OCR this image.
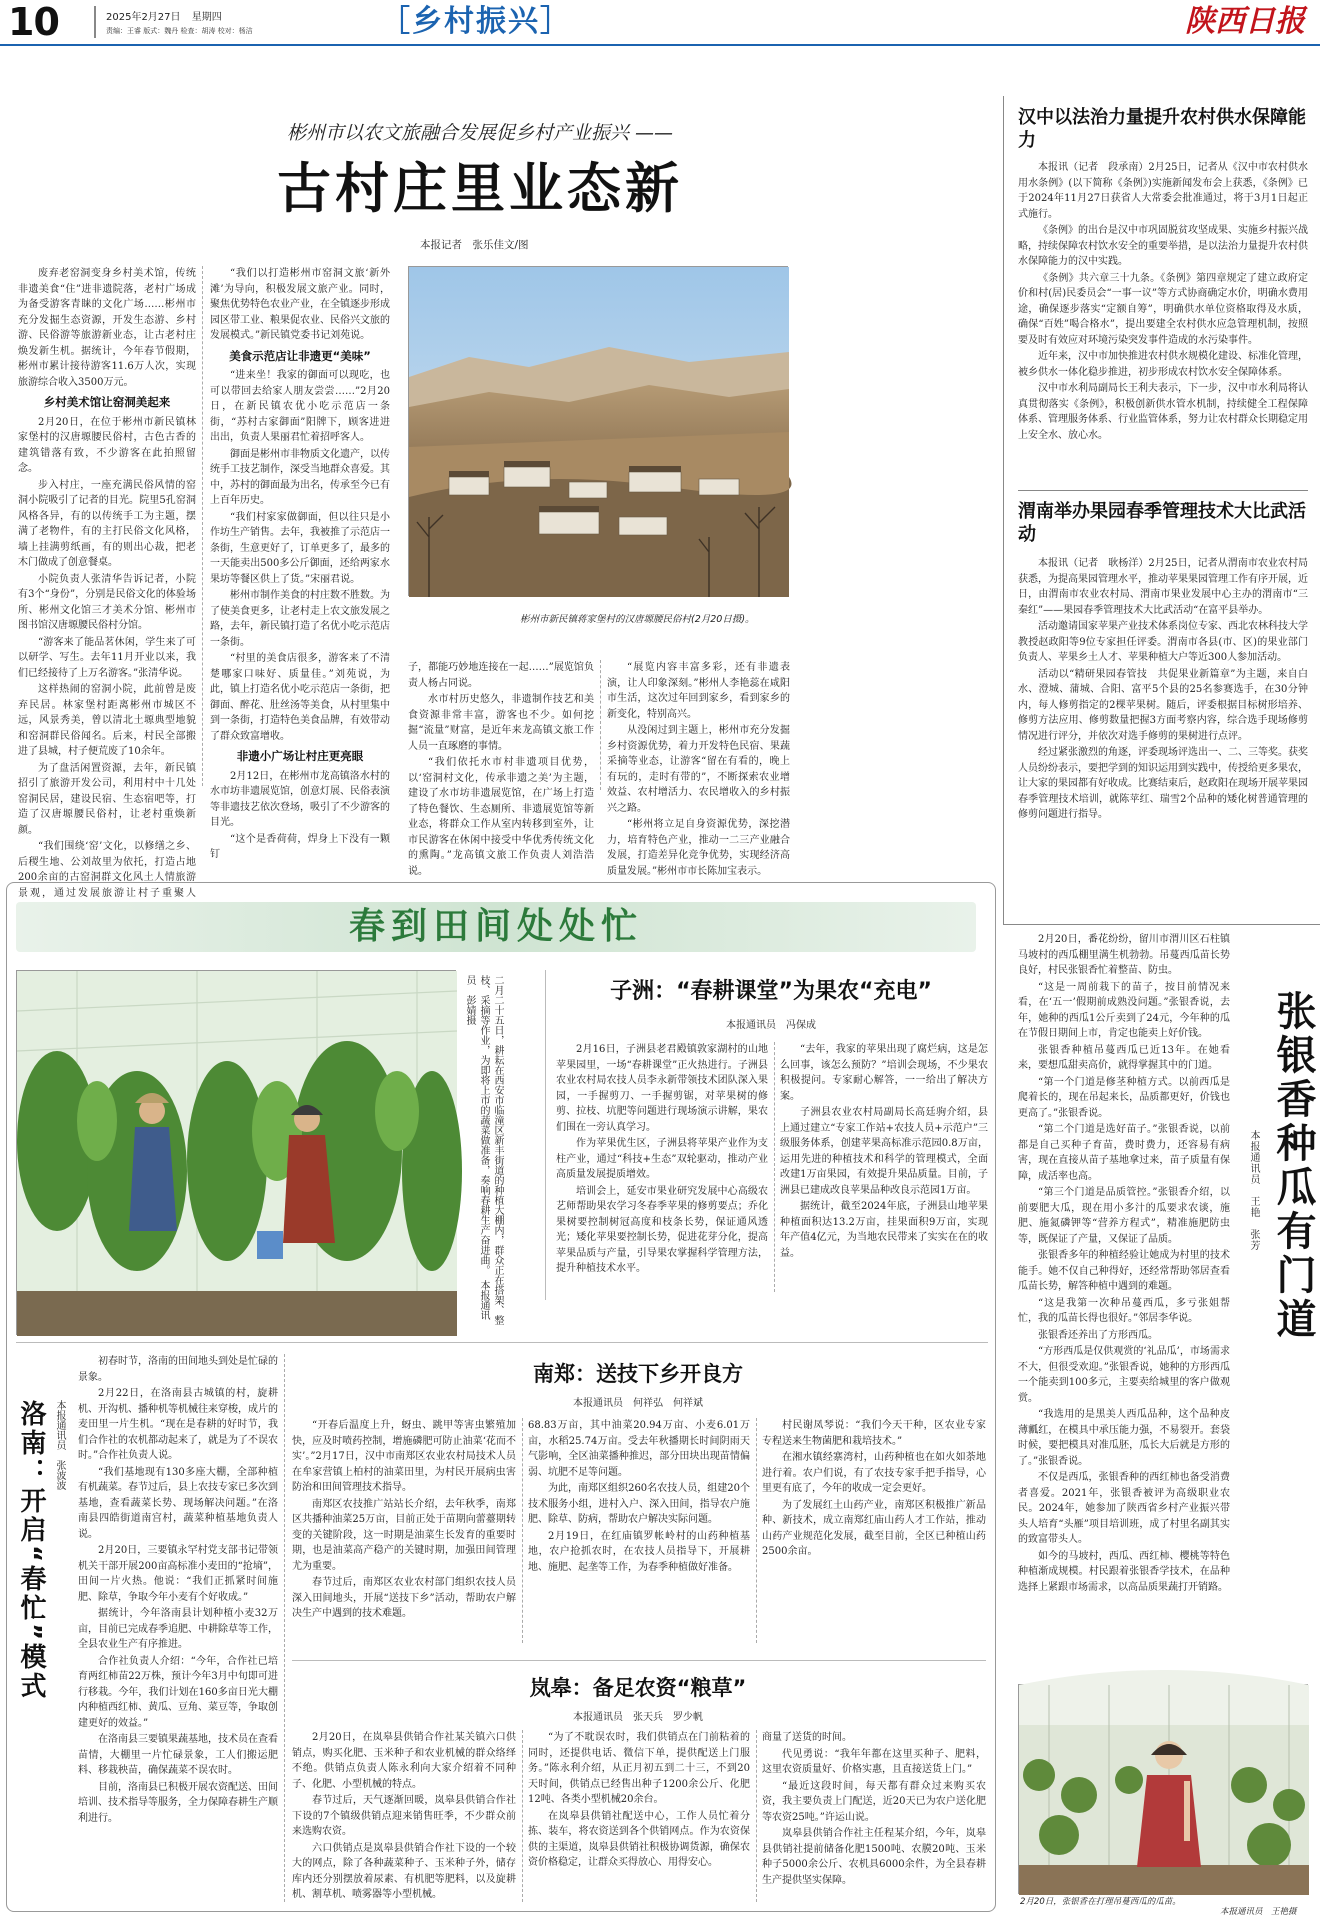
10	2025年2月27日 星期四
责编：王睿 版式：魏丹 检查：胡涛 校对：杨洁	［乡村振兴］	陕西日报
彬州市以农文旅融合发展促乡村产业振兴 ——
古村庄里业态新
本报记者　张乐佳文/图

废弃老窑洞变身乡村美术馆，传统非遗美食“住”进非遗院落，老村广场成为备受游客青睐的文化广场……彬州市充分发掘生态资源，开发生态游、乡村游、民俗游等旅游新业态，让古老村庄焕发新生机。据统计，今年春节假期，彬州市累计接待游客11.6万人次，实现旅游综合收入3500万元。

乡村美术馆让窑洞美起来

2月20日，在位于彬州市新民镇林家堡村的汉唐塬腰民俗村，古色古香的建筑错落有致，不少游客在此拍照留念。

步入村庄，一座充满民俗风情的窑洞小院吸引了记者的目光。院里5孔窑洞风格各异，有的以传统手工为主题，摆满了老物件，有的主打民俗文化风格，墙上挂满剪纸画，有的则出心裁，把老木门做成了创意餐桌。

小院负责人张清华告诉记者，小院有3个“身份”，分别是民俗文化的体验场所、彬州文化馆三才美术分馆、彬州市图书馆汉唐塬腰民俗村分馆。

“游客来了能品茗休闲，学生来了可以研学、写生。去年11月开业以来，我们已经接待了上万名游客。”张清华说。

这样热闹的窑洞小院，此前曾是废弃民居。林家堡村距离彬州市城区不远，风景秀美，曾以清北土塬典型地貌和窑洞群民俗闻名。后来，村民全部搬进了县城，村子便荒废了10余年。

为了盘活闲置资源，去年，新民镇招引了旅游开发公司，利用村中十几处窑洞民居，建设民宿、生态宿吧等，打造了汉唐塬腰民俗村，让老村重焕新颜。

“我们围绕‘窑’文化，以修缮之乡、后稷生地、公刘故里为依托，打造占地200余亩的古窑洞群文化风土人情旅游景观，通过发展旅游让村子重聚人

“我们以打造彬州市窑洞文旅‘新外滩’为导向，积极发展文旅产业。同时，聚焦优势特色农业产业，在全镇逐步形成园区带工业、粮果促农业、民俗兴文旅的发展模式。”新民镇党委书记刘苑说。

美食示范店让非遗更“美味”

“进来坐！我家的御面可以现吃，也可以带回去给家人朋友尝尝……”2月20日，在新民镇农优小吃示范店一条街，“苏村古家御面”阳牌下，顾客进进出出，负责人果丽君忙着招呼客人。

御面是彬州市非物质文化遗产，以传统手工技艺制作，深受当地群众喜爱。其中，苏村的御面最为出名，传承至今已有上百年历史。

“我们村家家做御面，但以往只是小作坊生产销售。去年，我被推了示范店一条街，生意更好了，订单更多了，最多的一天能卖出500多公斤御面，还给两家水果坊等餐区供上了货。”宋丽君说。

彬州市制作美食的村庄数不胜数。为了使美食更多，让老村走上农文旅发展之路，去年，新民镇打造了名优小吃示范店一条街。

“村里的美食店很多，游客来了不清楚哪家口味好、质量佳。”刘苑说，为此，镇上打造名优小吃示范店一条街，把御面、醉花、肚丝汤等美食，从村里集中到一条街，打造特色美食品牌，有效带动了群众致富增收。

非遗小广场让村庄更亮眼

2月12日，在彬州市龙高镇洛水村的水市坊非遗展览馆，创意灯展、民俗表演等非遗技艺依次登场，吸引了不少游客的目光。

“这个是香荷荷，焊身上下没有一颗钉

彬州市新民镇蒋家堡村的汉唐塬腰民俗村(2月20日摄)。

子，都能巧妙地连接在一起……”展览馆负责人杨占同说。

水市村历史悠久，非遗制作技艺和美食资源非常丰富，游客也不少。如何挖掘“流量”财富，是近年来龙高镇文旅工作人员一直琢磨的事情。

“我们依托水市村非遗项目优势，以‘窑洞村文化，传承非遗之美’为主题，建设了水市坊非遗展览馆，在广场上打造了特色餐饮、生态厕所、非遗展览馆等新业态，将群众工作从室内转移到室外，让市民游客在休闲中接受中华优秀传统文化的熏陶。”龙高镇文旅工作负责人刘浩浩说。

“展览内容丰富多彩，还有非遗表演，让人印象深刻。”彬州人李艳蕊在咸阳市生活，这次过年回到家乡，看到家乡的新变化，特别高兴。

从没闲过到主题上，彬州市充分发掘乡村资源优势，着力开发特色民宿、果蔬采摘等业态，让游客“留在有看的，晚上有玩的，走时有带的”，不断探索农业增效益、农村增活力、农民增收入的乡村振兴之路。

“彬州将立足自身资源优势，深挖潜力，培育特色产业，推动一二三产业融合发展，打造差异化竞争优势，实现经济高质量发展。”彬州市市长陈加宝表示。

汉中以法治力量提升农村供水保障能力

本报讯（记者　段承南）2月25日，记者从《汉中市农村供水用水条例》(以下简称《条例》)实施新闻发布会上获悉，《条例》已于2024年11月27日获省人大常委会批准通过，将于3月1日起正式施行。

《条例》的出台是汉中市巩固脱贫攻坚成果、实施乡村振兴战略，持续保障农村饮水安全的重要举措，是以法治力量提升农村供水保障能力的汉中实践。

《条例》共六章三十九条。《条例》第四章规定了建立政府定价和村(居)民委员会“一事一议”等方式协商确定水价，明确水费用途，确保逐步落实“定额自筹”，明确供水单位资格取得及水质，确保“百姓”喝合格水”，提出要建全农村供水应急管理机制，按照要及时有效应对环境污染突发事件造成的水污染事件。

近年来，汉中市加快推进农村供水规模化建设、标准化管理，被乡供水一体化稳步推进，初步形成农村饮水安全保障体系。

汉中市水利局副局长王利夫表示，下一步，汉中市水利局将认真贯彻落实《条例》，积极创新供水管水机制，持续健全工程保障体系、管理服务体系、行业监管体系，努力让农村群众长期稳定用上安全水、放心水。

渭南举办果园春季管理技术大比武活动

本报讯（记者　耿杨洋）2月25日，记者从渭南市农业农村局获悉，为提高果园管理水平，推动苹果果园管理工作有序开展，近日，由渭南市农业农村局、渭南市果业发展中心主办的渭南市“三秦红”——果园春季管理技术大比武活动“在富平县举办。

活动邀请国家苹果产业技术体系岗位专家、西北农林科技大学教授赵政阳等9位专家担任评委。渭南市各县(市、区)的果业部门负责人、苹果乡土人才、苹果种植大户等近300人参加活动。

活动以“精研果园春管技　共促果业新篇章”为主题，来自白水、澄城、蒲城、合阳、富平5个县的25名参赛选手，在30分钟内，每人修剪指定的2棵苹果树。随后，评委根据目标树形培养、修剪方法应用、修剪数量把握3方面考察内容，综合选手现场修剪情况进行评分，并依次对选手修剪的果树进行点评。

经过紧张激烈的角逐，评委现场评选出一、二、三等奖。获奖人员纷纷表示，要把学到的知识运用到实践中，传授给更多果农，让大家的果园都有好收成。比赛结束后，赵政阳在现场开展苹果园春季管理技术培训，就陈苹红、瑞雪2个品种的矮化树普通管理的修剪问题进行指导。

2月20日，番花纷纷，留川市渭川区石柱镇马坡村的西瓜棚里满生机勃勃。吊蔓西瓜苗长势良好，村民张银香忙着整苗、防虫。

“这是一周前栽下的苗子，按目前情况来看，在‘五一’假期前成熟没问题。”张银香说，去年，她种的西瓜1公斤卖到了24元，今年种的瓜在节假日期间上市，肯定也能卖上好价钱。

张银香种植吊蔓西瓜已近13年。在她看来，要想瓜甜卖高价，就得掌握其中的门道。

“第一个门道是修茎种植方式。以前西瓜是爬着长的，现在吊起来长，品质都更好，价钱也更高了。”张银香说。

“第二个门道是选好苗子。”张银香说，以前都是自己买种子育苗，费时费力，还容易有病害，现在直接从苗子基地拿过来，苗子质量有保障，成活率也高。

“第三个门道是品质管控。”张银香介绍，以前要肥大瓜，现在用小多汁的瓜要求农谈，施肥、施氮磷钾等“营养方程式”，精准施肥防虫等，既保证了产量，又保证了品质。

张银香多年的种植经验让她成为村里的技术能手。她不仅自己种得好，还经常帮助邻居查看瓜苗长势，解答种植中遇到的难题。

“这是我第一次种吊蔓西瓜，多亏张姐帮忙，我的瓜苗长得也很好。”邻居李华说。

张银香还养出了方形西瓜。

“方形西瓜是仅供观赏的‘礼品瓜’，市场需求不大，但很受欢迎。”张银香说，她种的方形西瓜一个能卖到100多元，主要卖给城里的客户做观赏。

“我选用的是黑美人西瓜品种，这个品种皮薄瓤红，在模具中承压能力强，不易裂开。套袋时候，要把模具对准瓜胚，瓜长大后就是方形的了。”张银香说。

不仅是西瓜，张银香种的西红柿也备受消费者喜爱。2021年，张银香被评为高级职业农民。2024年，她参加了陕西省乡村产业振兴带头人培育“头雁”项目培训班，成了村里名副其实的致富带头人。

如今的马坡村，西瓜、西红柿、樱桃等特色种植渐成规模。村民跟着张银香学技术，在品种选择上紧跟市场需求，以高品质果蔬打开销路。

张银香种瓜有门道
本报通讯员　王艳　张芳
2月20日，张银香在打理吊蔓西瓜的瓜苗。
本报通讯员　王艳摄
春到田间处处忙
二月二十五日，耕耘在西安市临潼区新丰街道的种植大棚内，群众正在搭架、整枝、采摘等作业，为即将上市的蔬菜做准备，奏响春耕生产奋进曲。　本报通讯员　彭婧摄	子洲：“春耕课堂”为果农“充电”
本报通讯员　冯保成

2月16日，子洲县老君殿镇敦家湖村的山地苹果园里，一场“春耕课堂”正火热进行。子洲县农业农村局农技人员李永新带领技术团队深入果园，一手握剪刀、一手握剪锯，对苹果树的修剪、拉枝、坑肥等问题进行现场演示讲解，果农们围在一旁认真学习。

作为苹果优生区，子洲县将苹果产业作为支柱产业，通过“科技+生态”双轮驱动，推动产业高质量发展提质增效。

培训会上，延安市果业研究发展中心高级农艺师帮助果农学习冬春季苹果的修剪要点；乔化果树要控制树冠高度和枝条长势，保证通风透光；矮化苹果要控制长势，促进花芽分化，提高苹果品质与产量，引导果农掌握科学管理方法，提升种植技术水平。

“去年，我家的苹果出现了腐烂病，这是怎么回事，该怎么预防？”培训会现场，不少果农积极提问。专家耐心解答，一一给出了解决方案。

子洲县农业农村局副局长高廷驹介绍，县上通过建立“专家工作站+农技人员+示范户”三级服务体系，创建苹果高标准示范园0.8万亩，运用先进的种植技术和科学的管理模式，全面改建1万亩果园，有效提升果品质量。目前，子洲县已建成改良苹果品种改良示范园1万亩。

据统计，截至2024年底，子洲县山地苹果种植面积达13.2万亩，挂果面积9万亩，实现年产值4亿元，为当地农民带来了实实在在的收益。

洛南：开启“春忙”模式 本报通讯员　张波波

初春时节，洛南的田间地头到处是忙碌的景象。

2月22日，在洛南县古城镇的村，旋耕机、开沟机、播种机等机械往来穿梭，成片的麦田里一片生机。“现在是春耕的好时节，我们合作社的农机都动起来了，就是为了不误农时。”合作社负责人说。

“我们基地现有130多座大棚，全部种植有机蔬菜。春节过后，县上农技专家已多次到基地，查看蔬菜长势、现场解决问题。”在洛南县四皓街道南宫村，蔬菜种植基地负责人说。

2月20日，三要镇永罕村党支部书记带领机关干部开展200亩高标准小麦田的“抢墒”，田间一片火热。他说：“我们正抓紧时间施肥、除草，争取今年小麦有个好收成。”

据统计，今年洛南县计划种植小麦32万亩，目前已完成春季追肥、中耕除草等工作，全县农业生产有序推进。

合作社负责人介绍：“今年，合作社已培育两红柿苗22万株，预计今年3月中旬即可进行移栽。今年，我们计划在160多亩日光大棚内种植西红柿、黄瓜、豆角、菜豆等，争取创建更好的效益。”

在洛南县三要镇果蔬基地，技术员在查看苗情，大棚里一片忙碌景象，工人们搬运肥料、移栽秧苗，确保蔬菜不误农时。

目前，洛南县已积极开展农资配送、田间培训、技术指导等服务，全力保障春耕生产顺利进行。

南郑：送技下乡开良方
本报通讯员　何祥弘　何祥斌

“开春后温度上升，蚜虫、跳甲等害虫繁殖加快，应及时喷药控制，增施磷肥可防止油菜‘花而不实’。”2月17日，汉中市南郑区农业农村局技术人员在牟家营镇上柏村的油菜田里，为村民开展病虫害防治和田间管理技术指导。

南郑区农技推广站站长介绍，去年秋季，南郑区共播种油菜25万亩，目前正处于苗期向蕾薹期转变的关键阶段，这一时期是油菜生长发育的重要时期，也是油菜高产稳产的关键时期，加强田间管理尤为重要。

春节过后，南郑区农业农村部门组织农技人员深入田间地头，开展“送技下乡”活动，帮助农户解决生产中遇到的技术难题。

68.83万亩，其中油菜20.94万亩、小麦6.01万亩，水稻25.74万亩。受去年秋播期长时间阴雨天气影响，全区油菜播种推迟，部分田块出现苗情偏弱、坑肥不足等问题。

为此，南郑区组织260名农技人员，组建20个技术服务小组，进村入户、深入田间，指导农户施肥、除草、防病，帮助农户解决实际问题。

2月19日，在红庙镇罗帐岭村的山药种植基地，农户抢抓农时，在农技人员指导下，开展耕地、施肥、起垄等工作，为春季种植做好准备。

村民谢凤琴说：“我们今天干种，区农业专家专程送来生物菌肥和栽培技术。”

在湘水镇经寨湾村，山药种植也在如火如荼地进行着。农户们说，有了农技专家手把手指导，心里更有底了，今年的收成一定会更好。

为了发展红土山药产业，南郑区积极推广新品种、新技术，成立南郑红庙山药人才工作站，推动山药产业规范化发展，截至目前，全区已种植山药2500余亩。

岚皋：备足农资“粮草”
本报通讯员　张天兵　罗少帆

2月20日，在岚皋县供销合作社某关镇六口供销点，购买化肥、玉米种子和农业机械的群众络绎不绝。供销点负责人陈永利向大家介绍着不同种子、化肥、小型机械的特点。

春节过后，天气逐渐回暖，岚皋县供销合作社下设的7个镇级供销点迎来销售旺季，不少群众前来选购农资。

六口供销点是岚皋县供销合作社下设的一个较大的网点，除了各种蔬菜种子、玉米种子外，储存库内还分别摆放着尿素、有机肥等肥料，以及旋耕机、割草机、喷雾器等小型机械。

“为了不耽误农时，我们供销点在门前粘着的同时，还提供电话、微信下单，提供配送上门服务。”陈永利介绍，从正月初五到二十三，不到20天时间，供销点已经售出种子1200余公斤、化肥12吨、各类小型机械20余台。

在岚皋县供销社配送中心，工作人员忙着分拣、装车，将农资送到各个供销网点。作为农资保供的主渠道，岚皋县供销社积极协调货源，确保农资价格稳定，让群众买得放心、用得安心。

商量了送货的时间。

代见勇说：“我年年都在这里买种子、肥料，这里农资质量好、价格实惠，且直接送货上门。”

“最近这段时间，每天都有群众过来购买农资，我主要负责上门配送，近20天已为农户送化肥等农资25吨。”许运山说。

岚皋县供销合作社主任程某介绍，今年，岚皋县供销社提前储备化肥1500吨、农膜20吨、玉米种子5000余公斤、农机具6000余件，为全县春耕生产提供坚实保障。
